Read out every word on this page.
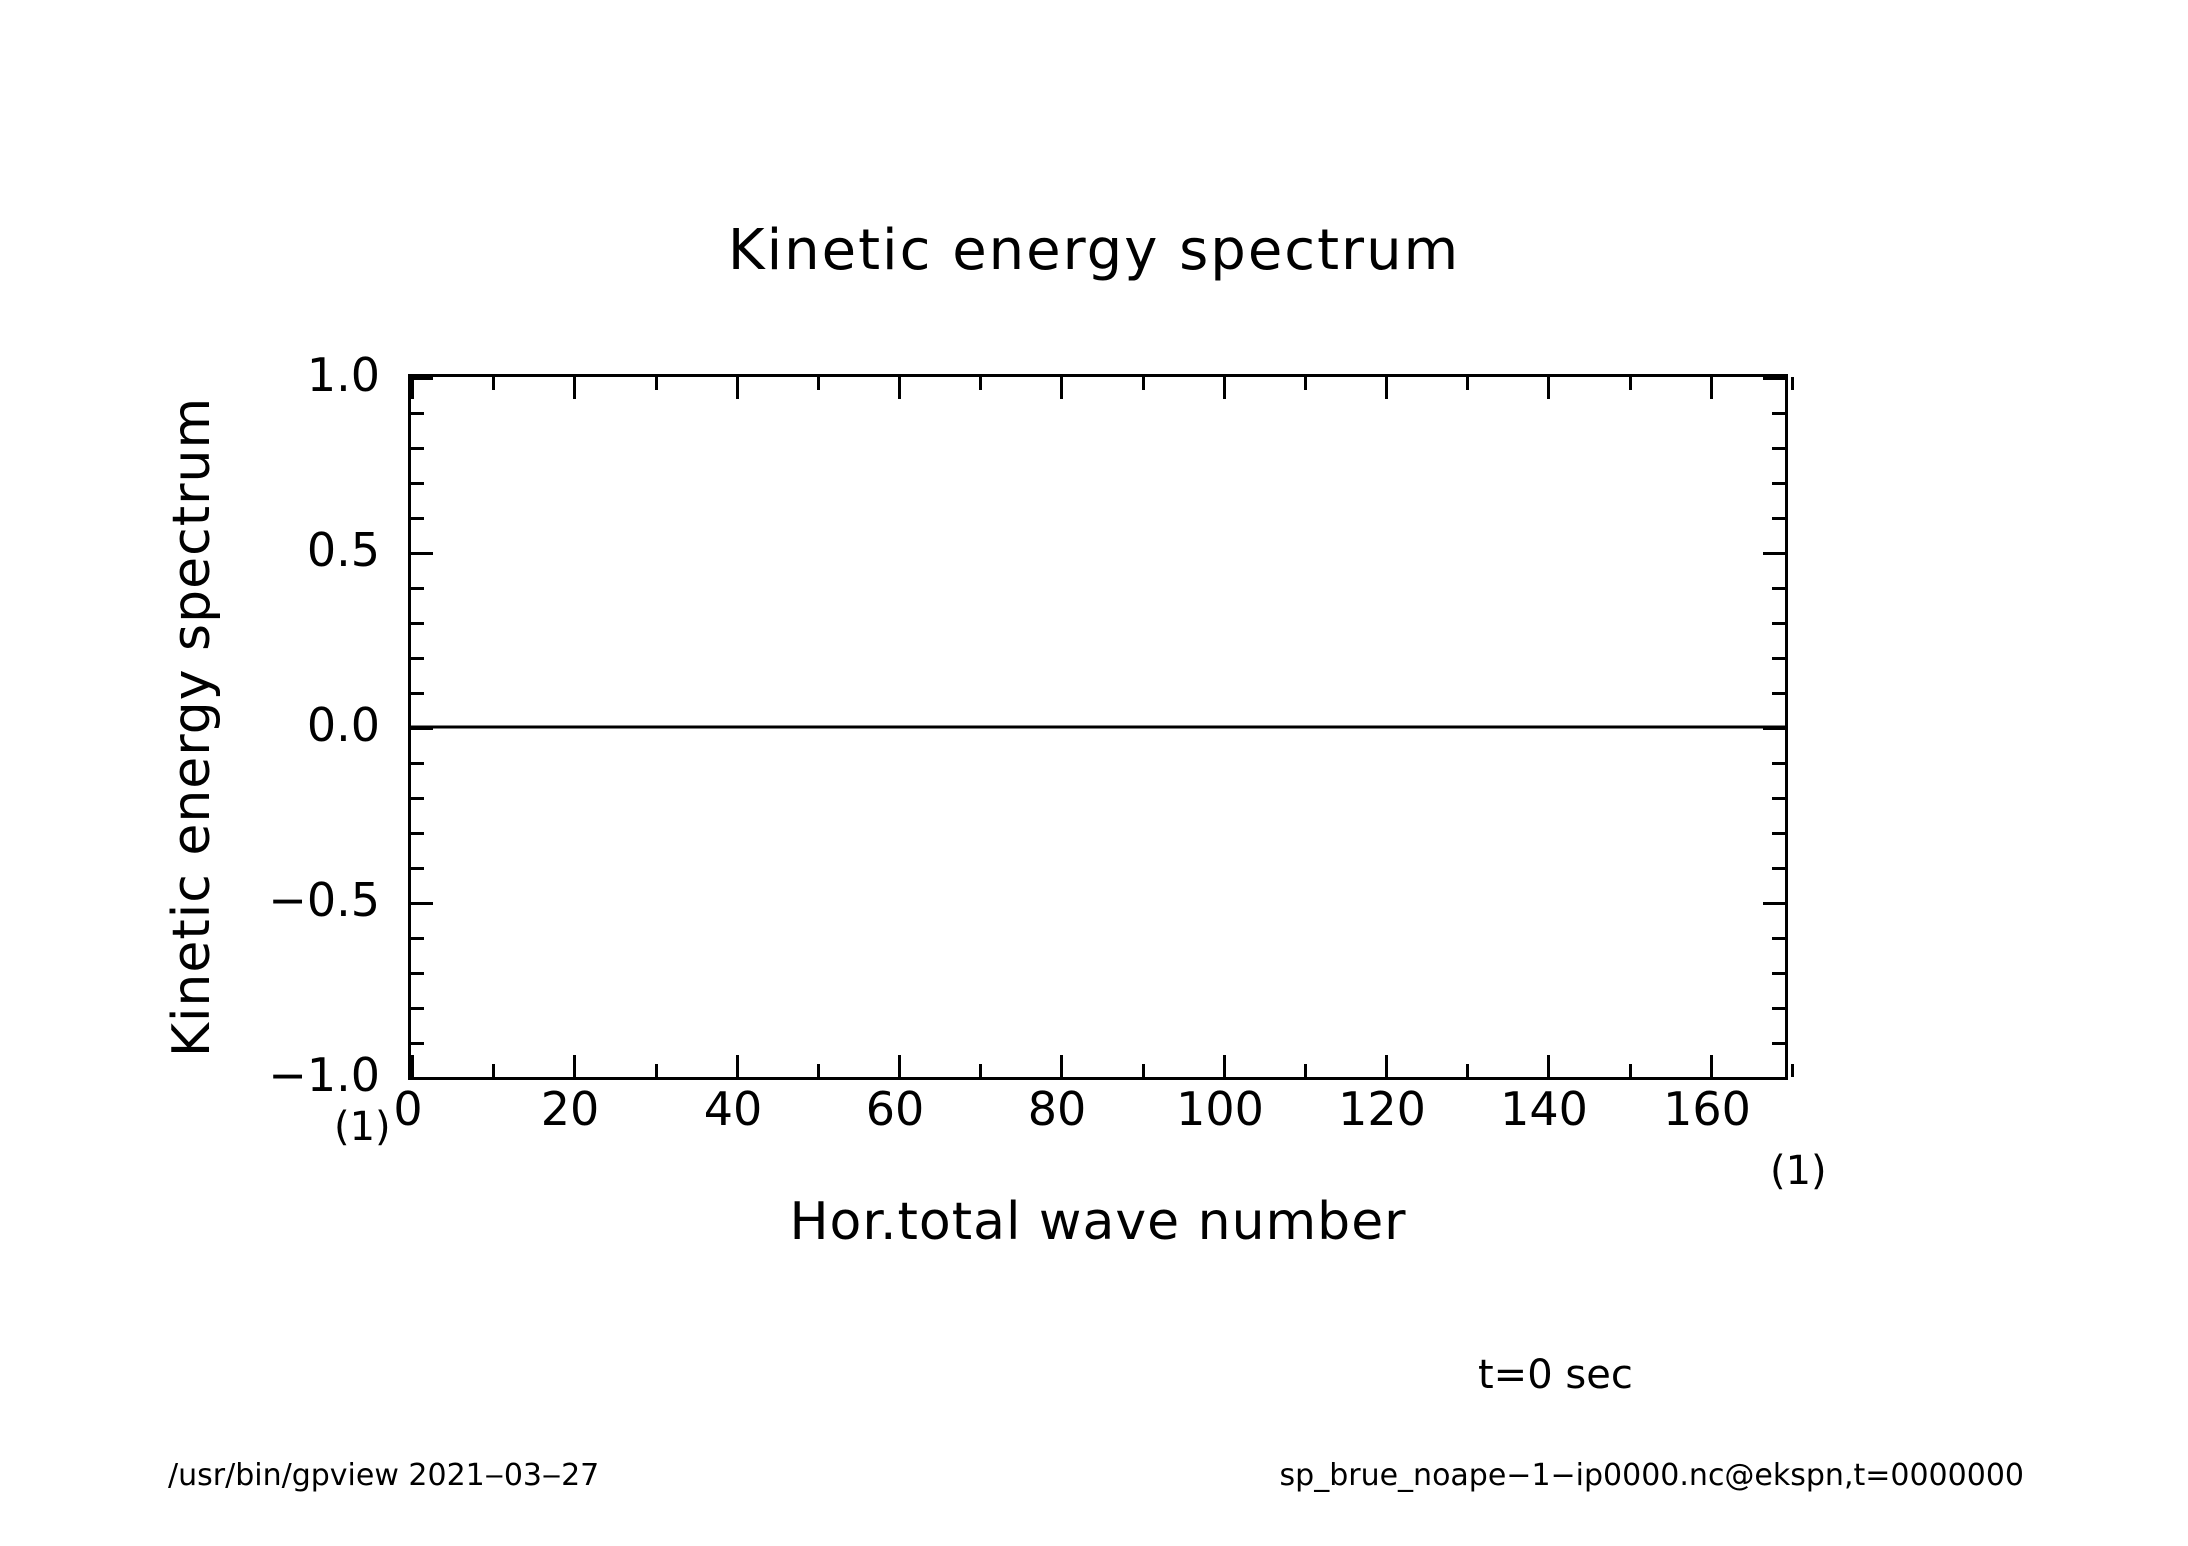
Kinetic energy spectrum
Kinetic energy spectrum
1.0
0.5
0.0
−0.5
−1.0
0	20	40	60	80	100	120	140	160
Hor.total wave number
(1)
(1)
t=0 sec
/usr/bin/gpview 2021‒03‒27	sp_brue_noape−1−ip0000.nc@ekspn,t=0000000
